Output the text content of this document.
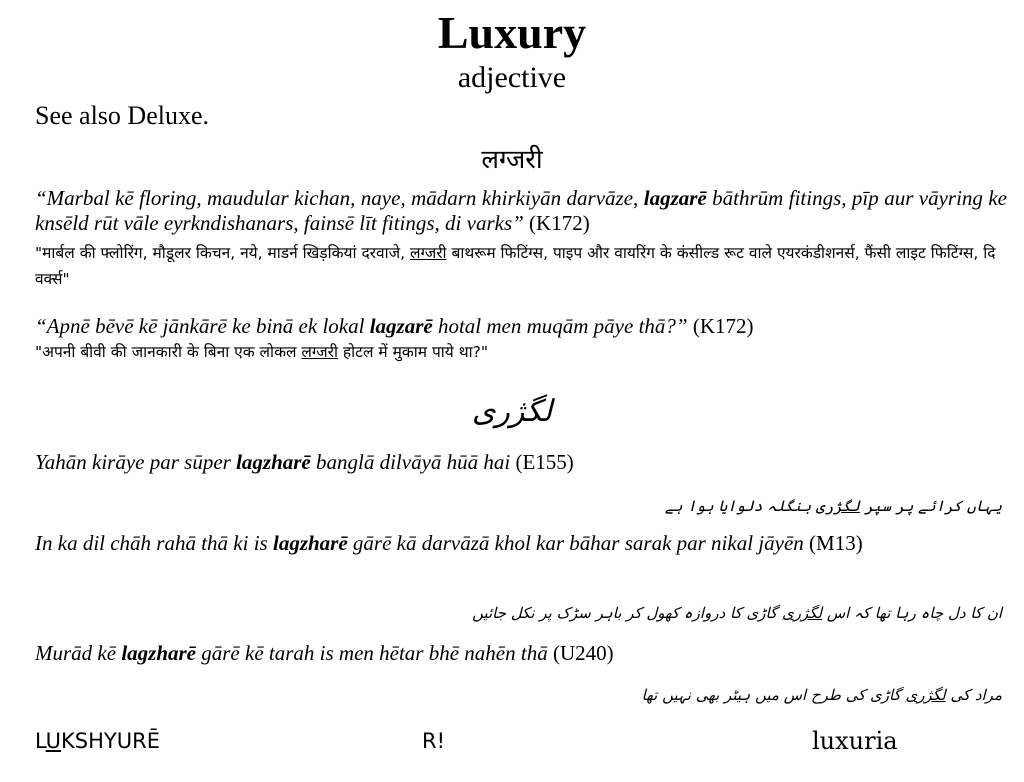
Luxury
adjective
See also Deluxe.
लग्जरी
“Marbal kē floring, maudular kichan, naye, mādarn khirkiyān darvāze, lagzarē bāthrūm fitings, pīp aur vāyring ke knsēld rūt vāle eyrkndishanars, fainsē līt fitings, di varks” (K172)
"मार्बल की फ्लोरिंग, मौडूलर किचन, नये, माडर्न खिड़कियां दरवाजे, लग्जरी बाथरूम फिटिंग्स, पाइप और वायरिंग के कंसील्ड रूट वाले एयरकंडीशनर्स, फैंसी लाइट फिटिंग्स, दि वर्क्स"
“Apnē bēvē kē jānkārē ke binā ek lokal lagzarē hotal men muqām pāye thā?” (K172)
"अपनी बीवी की जानकारी के बिना एक लोकल लग्जरी होटल में मुकाम पाये था?"
لگژری
Yahān kirāye par sūper lagzharē banglā dilvāyā hūā hai (E155)
یہاں کرائے پر سپر لگژری بنگلہ دلوایا ہوا ہے
In ka dil chāh rahā thā ki is lagzharē gārē kā darvāzā khol kar bāhar sarak par nikal jāyēn (M13)
ان کا دل چاہ رہا تھا کہ اس لگژری گاڑی کا دروازہ کھول کر باہر سڑک پر نکل جائیں
Murād kē lagzharē gārē kē tarah is men hētar bhē nahēn thā (U240)
مراد کی لگژری گاڑی کی طرح اس میں ہیٹر بھی نہیں تھا
LUKSHYURĒ	R!	luxuria
